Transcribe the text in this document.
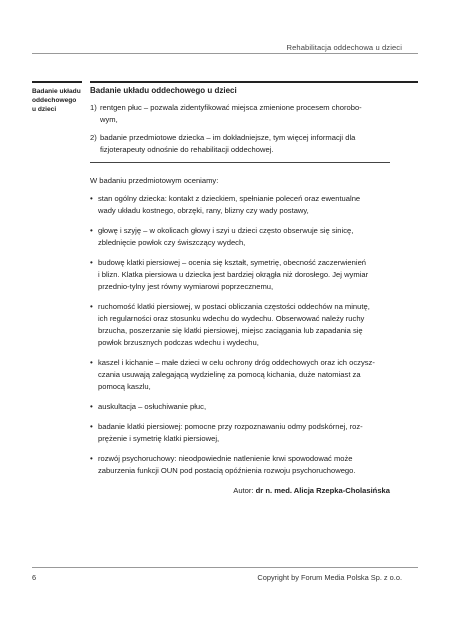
Rehabilitacja oddechowa u dzieci
Badanie układu
oddechowego
u dzieci
Badanie układu oddechowego u dzieci
1) rentgen płuc – pozwala zidentyfikować miejsca zmienione procesem chorobo-
wym,
2) badanie przedmiotowe dziecka – im dokładniejsze, tym więcej informacji dla
fizjoterapeuty odnośnie do rehabilitacji oddechowej.
W badaniu przedmiotowym oceniamy:
• stan ogólny dziecka: kontakt z dzieckiem, spełnianie poleceń oraz ewentualne
wady układu kostnego, obrzęki, rany, blizny czy wady postawy,
• głowę i szyję – w okolicach głowy i szyi u dzieci często obserwuje się sinicę,
zblednięcie powłok czy świszczący wydech,
• budowę klatki piersiowej – ocenia się kształt, symetrię, obecność zaczerwienień
i blizn. Klatka piersiowa u dziecka jest bardziej okrągła niż dorosłego. Jej wymiar
przednio-tylny jest równy wymiarowi poprzecznemu,
• ruchomość klatki piersiowej, w postaci obliczania częstości oddechów na minutę,
ich regularności oraz stosunku wdechu do wydechu. Obserwować należy ruchy
brzucha, poszerzanie się klatki piersiowej, miejsc zaciągania lub zapadania się
powłok brzusznych podczas wdechu i wydechu,
• kaszel i kichanie – małe dzieci w celu ochrony dróg oddechowych oraz ich oczysz-
czania usuwają zalegającą wydzielinę za pomocą kichania, duże natomiast za
pomocą kaszlu,
• auskultacja – osłuchiwanie płuc,
• badanie klatki piersiowej: pomocne przy rozpoznawaniu odmy podskórnej, roz-
prężenie i symetrię klatki piersiowej,
• rozwój psychoruchowy: nieodpowiednie natlenienie krwi spowodować może
zaburzenia funkcji OUN pod postacią opóźnienia rozwoju psychoruchowego.
Autor: dr n. med. Alicja Rzepka-Cholasińska
6	Copyright by Forum Media Polska Sp. z o.o.
